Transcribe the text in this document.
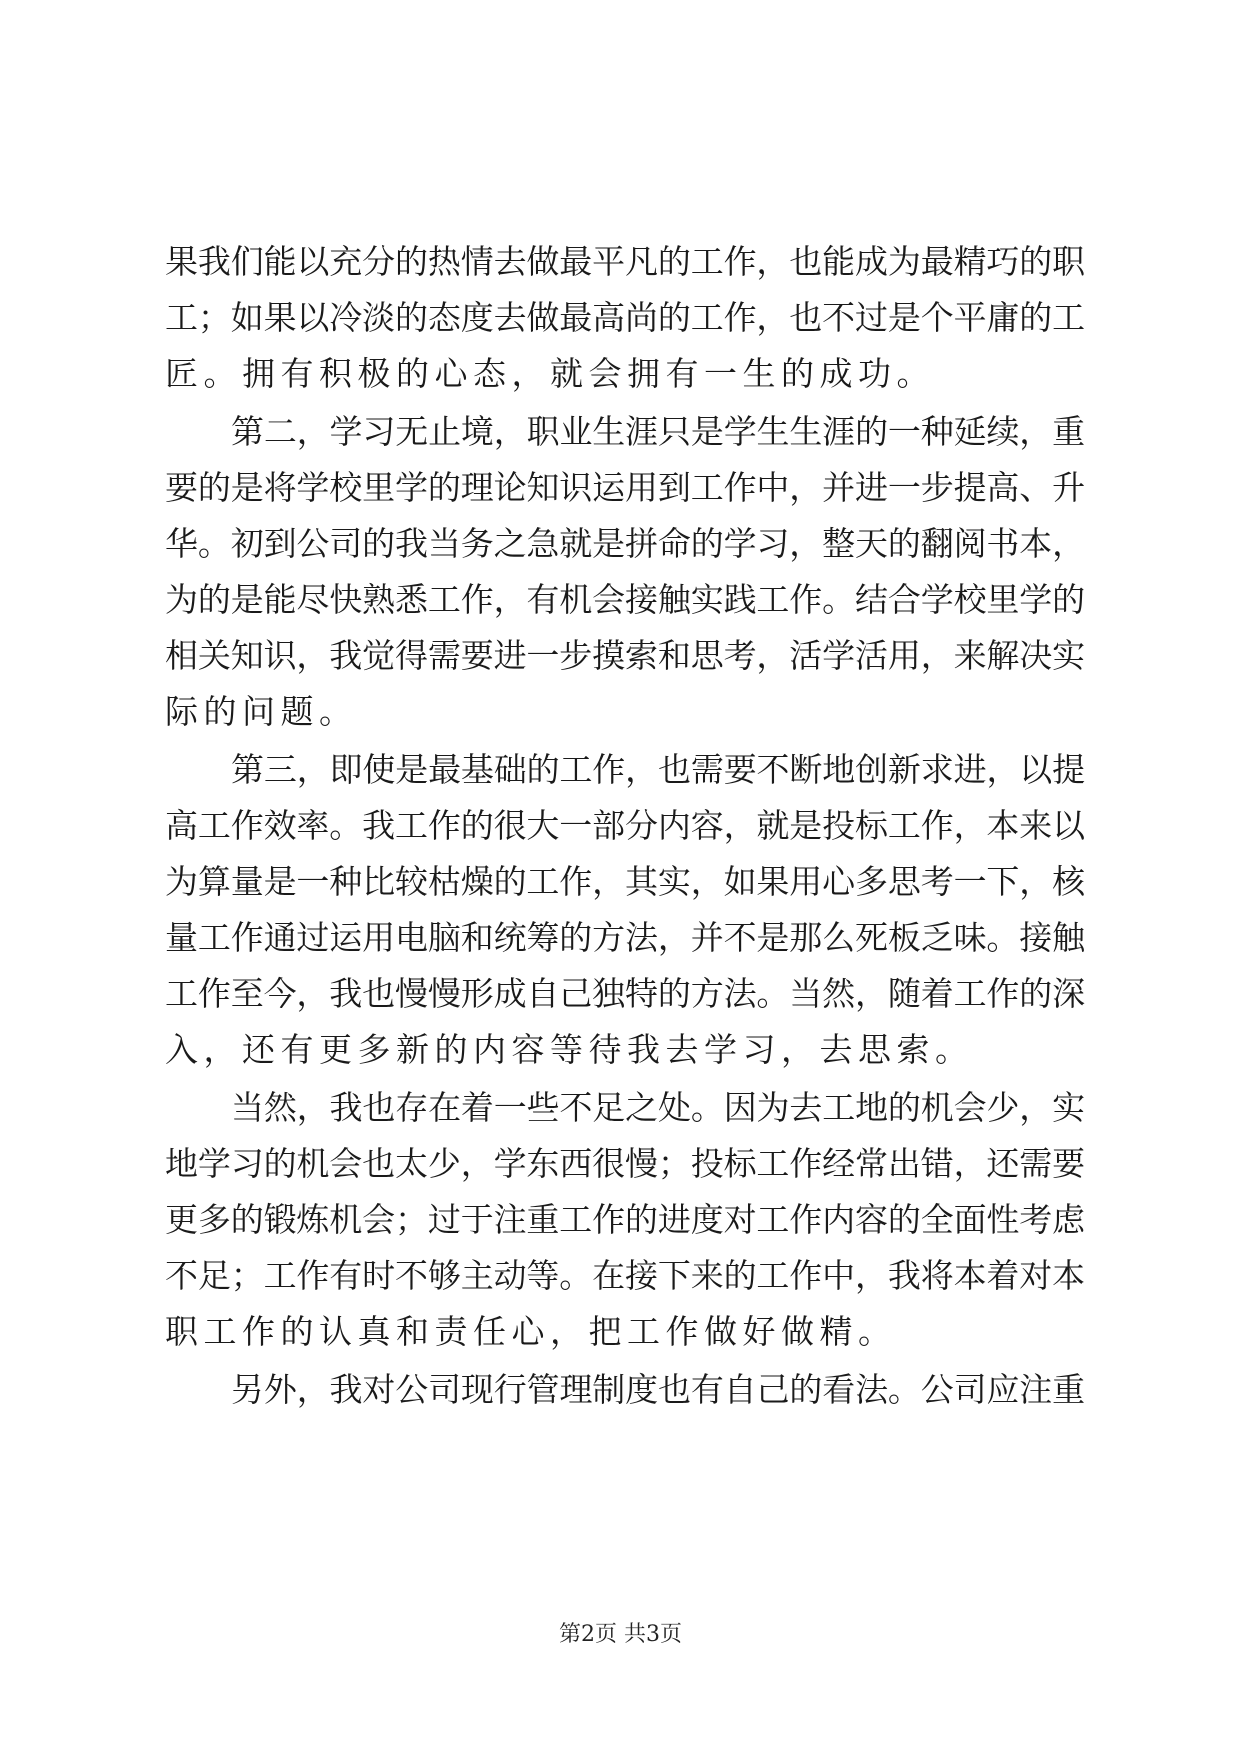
果我们能以充分的热情去做最平凡的工作，也能成为最精巧的职
工；如果以冷淡的态度去做最高尚的工作，也不过是个平庸的工
匠。拥有积极的心态，就会拥有一生的成功。
第二，学习无止境，职业生涯只是学生生涯的一种延续，重
要的是将学校里学的理论知识运用到工作中，并进一步提高、升
华。初到公司的我当务之急就是拼命的学习，整天的翻阅书本，
为的是能尽快熟悉工作，有机会接触实践工作。结合学校里学的
相关知识，我觉得需要进一步摸索和思考，活学活用，来解决实
际的问题。
第三，即使是最基础的工作，也需要不断地创新求进，以提
高工作效率。我工作的很大一部分内容，就是投标工作，本来以
为算量是一种比较枯燥的工作，其实，如果用心多思考一下，核
量工作通过运用电脑和统筹的方法，并不是那么死板乏味。接触
工作至今，我也慢慢形成自己独特的方法。当然，随着工作的深
入，还有更多新的内容等待我去学习，去思索。
当然，我也存在着一些不足之处。因为去工地的机会少，实
地学习的机会也太少，学东西很慢；投标工作经常出错，还需要
更多的锻炼机会；过于注重工作的进度对工作内容的全面性考虑
不足；工作有时不够主动等。在接下来的工作中，我将本着对本
职工作的认真和责任心，把工作做好做精。
另外，我对公司现行管理制度也有自己的看法。公司应注重
第2页 共3页
